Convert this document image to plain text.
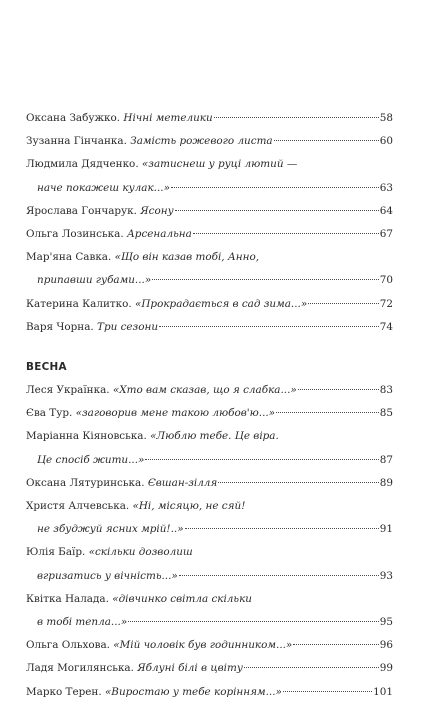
Оксана Забужко. Нічні метелики	58
Зузанна Гінчанка. Замість рожевого листа	60
Людмила Дядченко. «затиснеш у руці лютий —
наче покажеш кулак...»	63
Ярослава Гончарук. Ясону	64
Ольга Лозинська. Арсенальна	67
Мар'яна Савка. «Що він казав тобі, Анно,
припавши губами...»	70
Катерина Калитко. «Прокрадається в сад зима...»	72
Варя Чорна. Три сезони	74
ВЕСНА
Леся Українка. «Хто вам сказав, що я слабка...»	83
Єва Тур. «заговорив мене такою любов'ю...»	85
Маріанна Кіяновська. «Люблю тебе. Це віра.
Це спосіб жити...»	87
Оксана Лятуринська. Євшан-зілля	89
Христя Алчевська. «Ні, місяцю, не сяй!
не збуджуй ясних мрій!..»	91
Юлія Баїр. «скільки дозволиш
вгризатись у вічність...»	93
Квітка Налада. «дівчинко світла скільки
в тобі тепла...»	95
Ольга Ольхова. «Мій чоловік був годинником...»	96
Ладя Могилянська. Яблуні білі в цвіту	99
Марко Терен. «Виростаю у тебе корінням...»	101
